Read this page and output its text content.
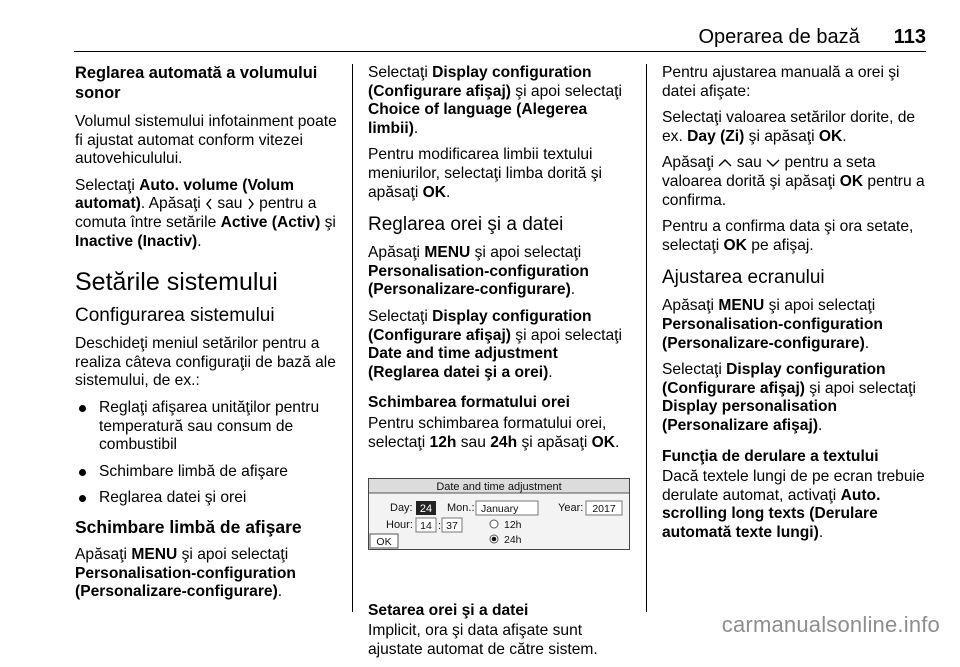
Operarea de bază 113
Reglarea automată a volumului sonor

Volumul sistemului infotainment poate fi ajustat automat conform vitezei autovehiculului.

Selectaţi Auto. volume (Volum automat). Apăsaţi  sau  pentru a comuta între setările Active (Activ) şi Inactive (Inactiv).

Setările sistemului
Configurarea sistemului

Deschideţi meniul setărilor pentru a realiza câteva configuraţii de bază ale sistemului, de ex.:

Reglaţi afişarea unităţilor pentru temperatură sau consum de combustibil
Schimbare limbă de afişare
Reglarea datei şi orei
Schimbare limbă de afişare

Apăsaţi MENU şi apoi selectaţi Personalisation-configuration (Personalizare-configurare).

Selectaţi Display configuration (Configurare afişaj) şi apoi selectaţi Choice of language (Alegerea limbii).

Pentru modificarea limbii textului meniurilor, selectaţi limba dorită şi apăsaţi OK.

Reglarea orei şi a datei

Apăsaţi MENU şi apoi selectaţi Personalisation-configuration (Personalizare-configurare).

Selectaţi Display configuration (Configurare afişaj) şi apoi selectaţi Date and time adjustment (Reglarea datei şi a orei).

Schimbarea formatului orei

Pentru schimbarea formatului orei, selectaţi 12h sau 24h şi apăsaţi OK.

Date and time adjustment
Day: 24 Mon.: January	Year: 2017
Hour: 14 : 37	12h
24h
OK
Setarea orei şi a datei

Implicit, ora şi data afişate sunt ajustate automat de către sistem.

Pentru ajustarea manuală a orei şi datei afişate:

Selectaţi valoarea setărilor dorite, de ex. Day (Zi) şi apăsaţi OK.

Apăsaţi  sau  pentru a seta valoarea dorită şi apăsaţi OK pentru a confirma.

Pentru a confirma data şi ora setate, selectaţi OK pe afişaj.

Ajustarea ecranului

Apăsaţi MENU şi apoi selectaţi Personalisation-configuration (Personalizare-configurare).

Selectaţi Display configuration (Configurare afişaj) şi apoi selectaţi Display personalisation (Personalizare afişaj).

Funcţia de derulare a textului

Dacă textele lungi de pe ecran trebuie derulate automat, activaţi Auto. scrolling long texts (Derulare automată texte lungi).

carmanualsonline.info
